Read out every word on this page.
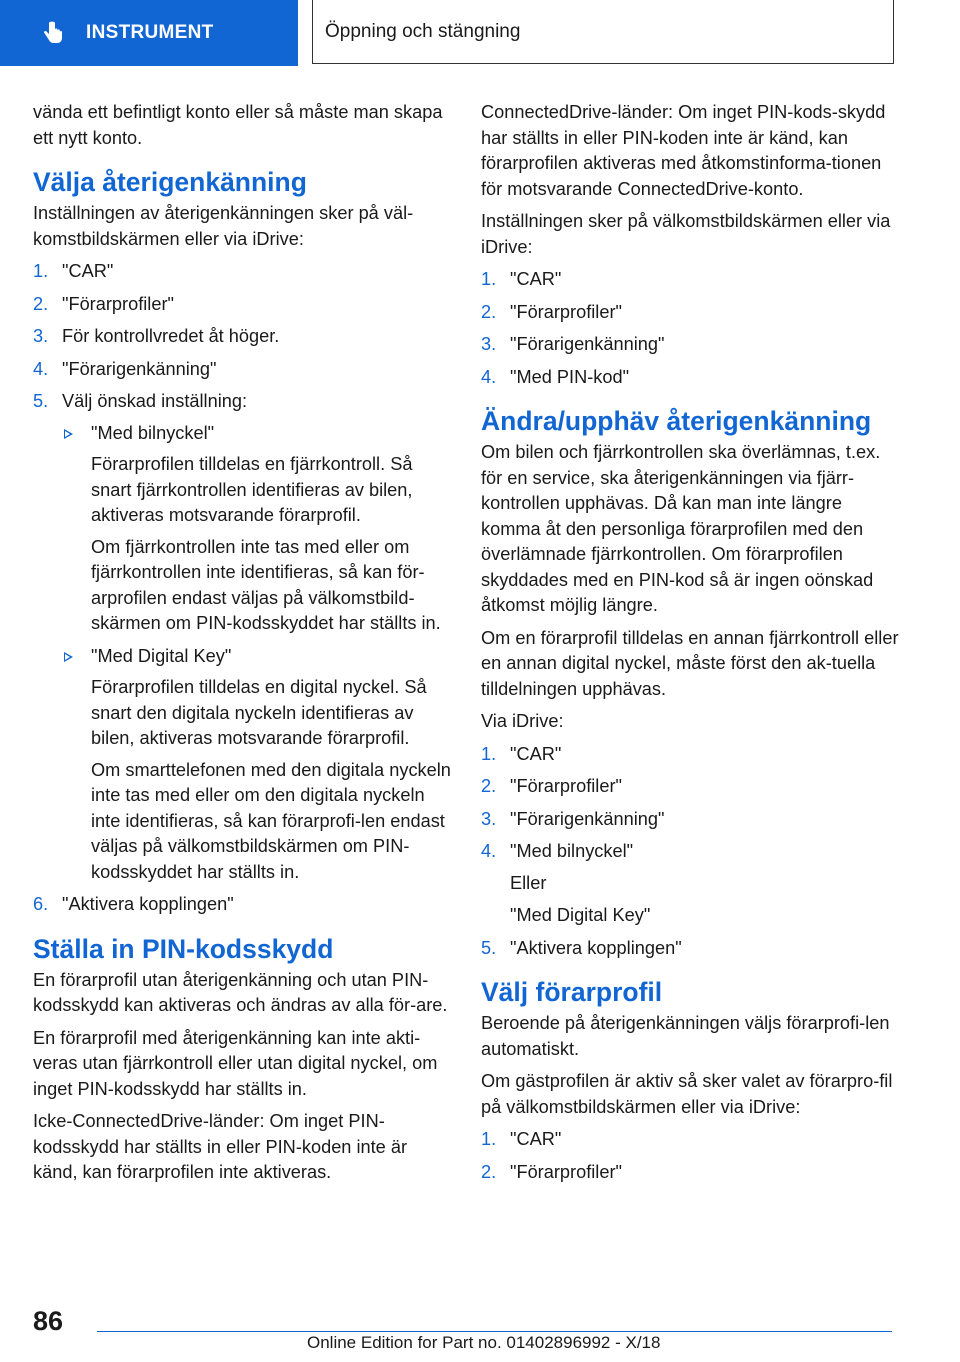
INSTRUMENT	Öppning och stängning

vända ett befintligt konto eller så måste man skapa ett nytt konto.

Välja återigenkänning

Inställningen av återigenkänningen sker på väl-komstbildskärmen eller via iDrive:

1. "CAR"
2. "Förarprofiler"
3. För kontrollvredet åt höger.
4. "Förarigenkänning"
5. Välj önskad inställning:
"Med bilnyckel"

Förarprofilen tilldelas en fjärrkontroll. Så snart fjärrkontrollen identifieras av bilen, aktiveras motsvarande förarprofil.

Om fjärrkontrollen inte tas med eller om fjärrkontrollen inte identifieras, så kan för-arprofilen endast väljas på välkomstbild-skärmen om PIN-kodsskyddet har ställts in.

"Med Digital Key"

Förarprofilen tilldelas en digital nyckel. Så snart den digitala nyckeln identifieras av bilen, aktiveras motsvarande förarprofil.

Om smarttelefonen med den digitala nyckeln inte tas med eller om den digitala nyckeln inte identifieras, så kan förarprofi-len endast väljas på välkomstbildskärmen om PIN-kodsskyddet har ställts in.

6. "Aktivera kopplingen"
Ställa in PIN-kodsskydd

En förarprofil utan återigenkänning och utan PIN-kodsskydd kan aktiveras och ändras av alla för-are.

En förarprofil med återigenkänning kan inte akti-veras utan fjärrkontroll eller utan digital nyckel, om inget PIN-kodsskydd har ställts in.

Icke-ConnectedDrive-länder: Om inget PIN-kodsskydd har ställts in eller PIN-koden inte är känd, kan förarprofilen inte aktiveras.

ConnectedDrive-länder: Om inget PIN-kods-skydd har ställts in eller PIN-koden inte är känd, kan förarprofilen aktiveras med åtkomstinforma-tionen för motsvarande ConnectedDrive-konto.

Inställningen sker på välkomstbildskärmen eller via iDrive:

1. "CAR"
2. "Förarprofiler"
3. "Förarigenkänning"
4. "Med PIN-kod"
Ändra/upphäv återigenkänning

Om bilen och fjärrkontrollen ska överlämnas, t.ex. för en service, ska återigenkänningen via fjärr-kontrollen upphävas. Då kan man inte längre komma åt den personliga förarprofilen med den överlämnade fjärrkontrollen. Om förarprofilen skyddades med en PIN-kod så är ingen oönskad åtkomst möjlig längre.

Om en förarprofil tilldelas en annan fjärrkontroll eller en annan digital nyckel, måste först den ak-tuella tilldelningen upphävas.

Via iDrive:

1. "CAR"
2. "Förarprofiler"
3. "Förarigenkänning"
4. "Med bilnyckel"
Eller
"Med Digital Key"
5. "Aktivera kopplingen"
Välj förarprofil

Beroende på återigenkänningen väljs förarprofi-len automatiskt.

Om gästprofilen är aktiv så sker valet av förarpro-fil på välkomstbildskärmen eller via iDrive:

1. "CAR"
2. "Förarprofiler"
86
Online Edition for Part no. 01402896992 - X/18
